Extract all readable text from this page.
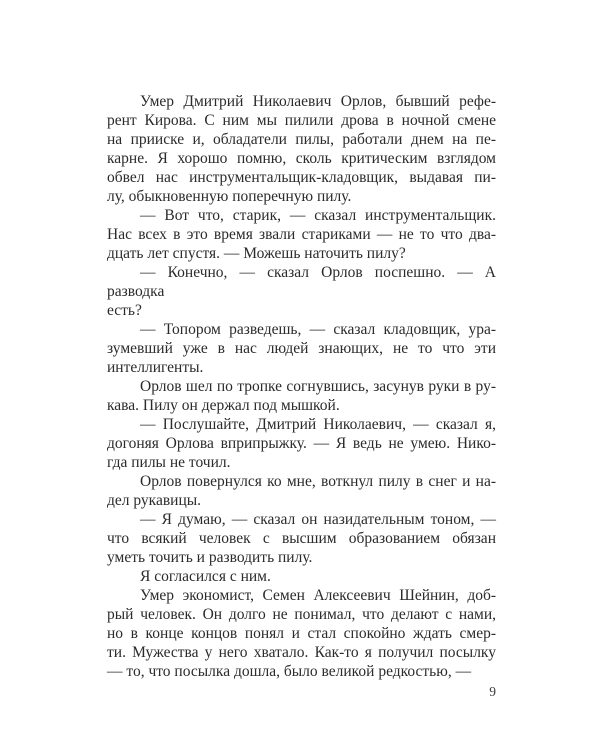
Умер Дмитрий Николаевич Орлов, бывший рефе-
рент Кирова. С ним мы пилили дрова в ночной смене
на прииске и, обладатели пилы, работали днем на пе-
карне. Я хорошо помню, сколь критическим взглядом
обвел нас инструментальщик-кладовщик, выдавая пи-
лу, обыкновенную поперечную пилу.
— Вот что, старик, — сказал инструментальщик.
Нас всех в это время звали стариками — не то что два-
дцать лет спустя. — Можешь наточить пилу?
— Конечно, — сказал Орлов поспешно. — А разводка
есть?
— Топором разведешь, — сказал кладовщик, ура-
зумевший уже в нас людей знающих, не то что эти
интеллигенты.
Орлов шел по тропке согнувшись, засунув руки в ру-
кава. Пилу он держал под мышкой.
— Послушайте, Дмитрий Николаевич, — сказал я,
догоняя Орлова вприпрыжку. — Я ведь не умею. Нико-
гда пилы не точил.
Орлов повернулся ко мне, воткнул пилу в снег и на-
дел рукавицы.
— Я думаю, — сказал он назидательным тоном, —
что всякий человек с высшим образованием обязан
уметь точить и разводить пилу.
Я согласился с ним.
Умер экономист, Семен Алексеевич Шейнин, доб-
рый человек. Он долго не понимал, что делают с нами,
но в конце концов понял и стал спокойно ждать смер-
ти. Мужества у него хватало. Как-то я получил посылку
— то, что посылка дошла, было великой редкостью, —
9
